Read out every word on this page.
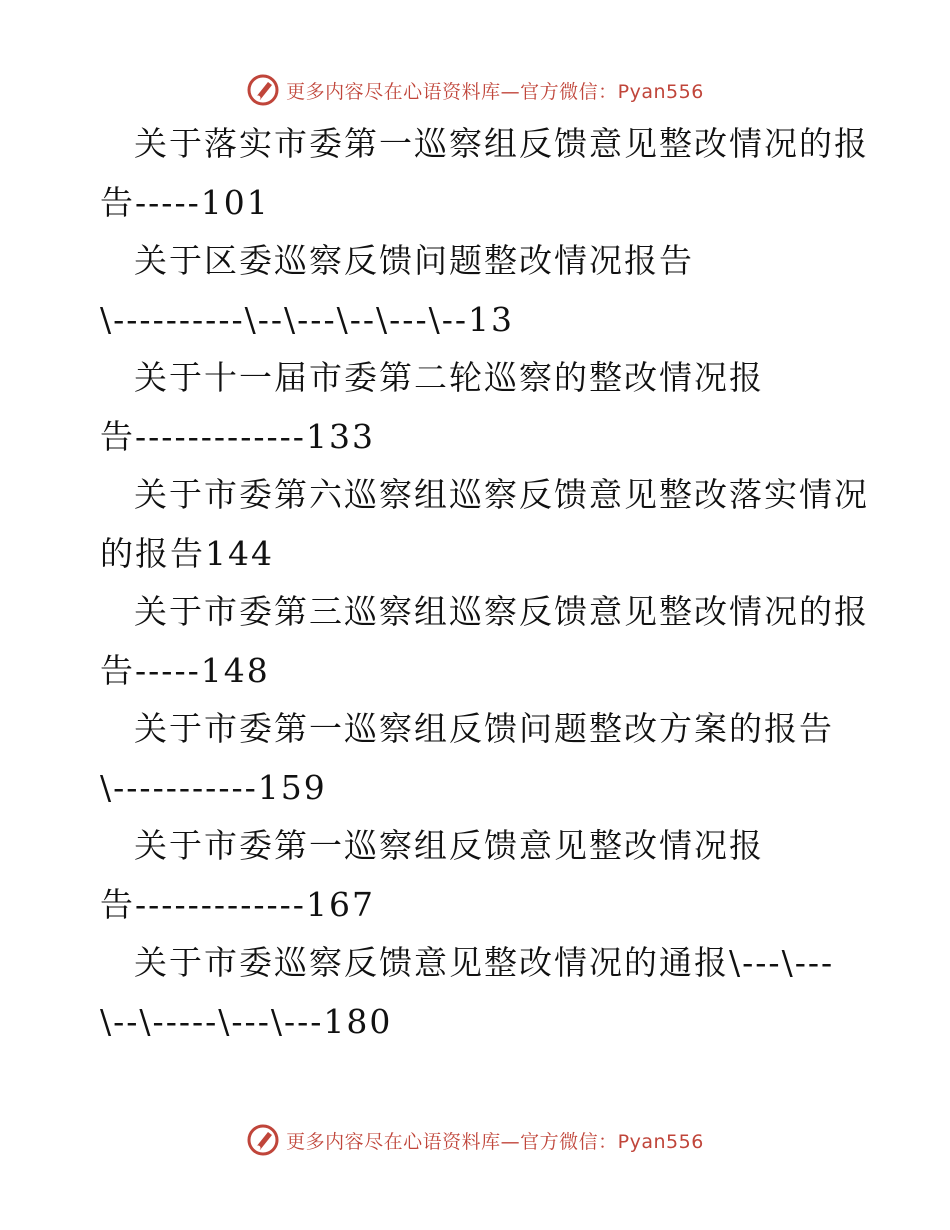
更多内容尽在心语资料库—官方微信：Pyan556
关于落实市委第一巡察组反馈意见整改情况的报
告-----101
关于区委巡察反馈问题整改情况报告
\----------\--\---\--\---\--13
关于十一届市委第二轮巡察的整改情况报
告-------------133
关于市委第六巡察组巡察反馈意见整改落实情况
的报告144
关于市委第三巡察组巡察反馈意见整改情况的报
告-----148
关于市委第一巡察组反馈问题整改方案的报告
\-----------159
关于市委第一巡察组反馈意见整改情况报
告-------------167
关于市委巡察反馈意见整改情况的通报\---\---
\--\-----\---\---180
更多内容尽在心语资料库—官方微信：Pyan556
